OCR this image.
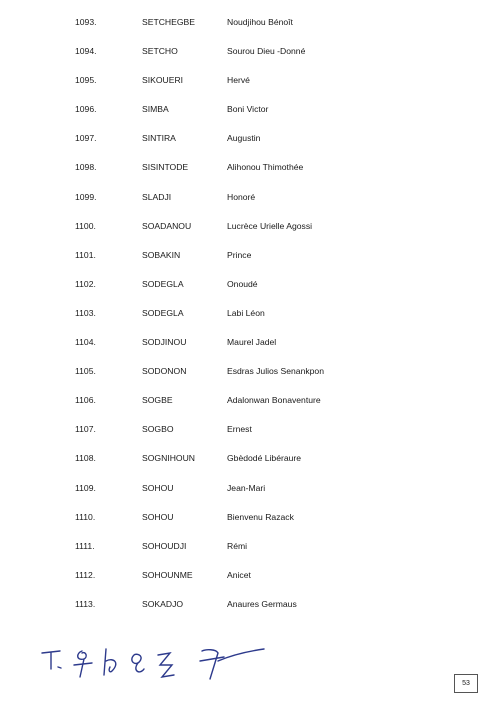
1093.	SETCHEGBE	Noudjihou Bénoît
1094.	SETCHO	Sourou Dieu -Donné
1095.	SIKOUERI	Hervé
1096.	SIMBA	Boni Victor
1097.	SINTIRA	Augustin
1098.	SISINTODE	Alihonou Thimothée
1099.	SLADJI	Honoré
1100.	SOADANOU	Lucrèce Urielle Agossi
1101.	SOBAKIN	Prince
1102.	SODEGLA	Onoudé
1103.	SODEGLA	Labi Léon
1104.	SODJINOU	Maurel Jadel
1105.	SODONON	Esdras Julios Senankpon
1106.	SOGBE	Adalonwan Bonaventure
1107.	SOGBO	Ernest
1108.	SOGNIHOUN	Gbèdodé Libéraure
1109.	SOHOU	Jean-Mari
1110.	SOHOU	Bienvenu Razack
1111.	SOHOUDJI	Rémi
1112.	SOHOUNME	Anicet
1113.	SOKADJO	Anaures Germaus
53
